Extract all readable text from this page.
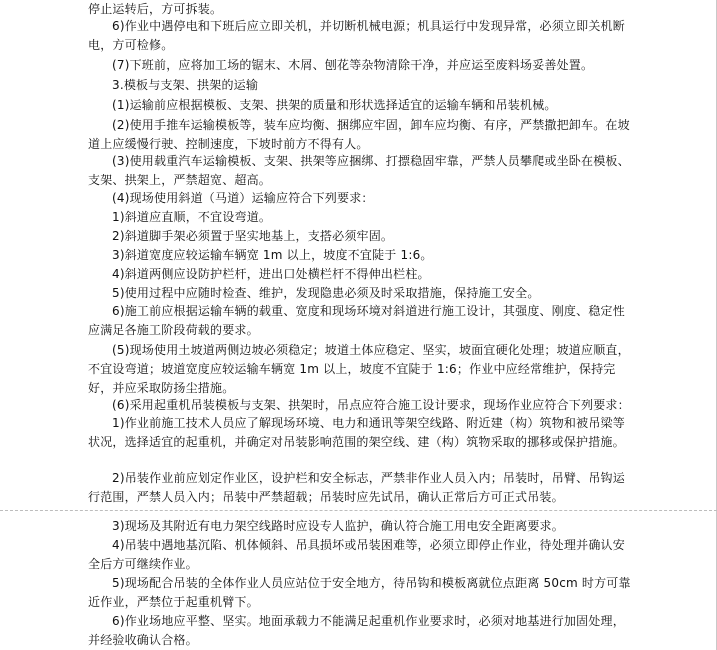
停止运转后，方可拆装。

6)作业中遇停电和下班后应立即关机，并切断机械电源；机具运行中发现异常，必须立即关机断电，方可检修。

(7)下班前，应将加工场的锯末、木屑、刨花等杂物清除干净，并应运至废料场妥善处置。

3.模板与支架、拱架的运输

(1)运输前应根据模板、支架、拱架的质量和形状选择适宜的运输车辆和吊装机械。

(2)使用手推车运输模板等，装车应均衡、捆绑应牢固，卸车应均衡、有序，严禁撒把卸车。在坡道上应缓慢行驶、控制速度，下坡时前方不得有人。

(3)使用载重汽车运输模板、支架、拱架等应捆绑、打摽稳固牢靠，严禁人员攀爬或坐卧在模板、支架、拱架上，严禁超宽、超高。

(4)现场使用斜道（马道）运输应符合下列要求：

1)斜道应直顺，不宜设弯道。

2)斜道脚手架必须置于坚实地基上，支搭必须牢固。

3)斜道宽度应较运输车辆宽 1m 以上，坡度不宜陡于 1:6。

4)斜道两侧应设防护栏杆，进出口处横栏杆不得伸出栏柱。

5)使用过程中应随时检查、维护，发现隐患必须及时采取措施，保持施工安全。

6)施工前应根据运输车辆的载重、宽度和现场环境对斜道进行施工设计，其强度、刚度、稳定性应满足各施工阶段荷载的要求。

(5)现场使用土坡道两侧边坡必须稳定；坡道土体应稳定、坚实，坡面宜硬化处理；坡道应顺直，不宜设弯道；坡道宽度应较运输车辆宽 1m 以上，坡度不宜陡于 1:6；作业中应经常维护，保持完好，并应采取防扬尘措施。

(6)采用起重机吊装模板与支架、拱架时，吊点应符合施工设计要求，现场作业应符合下列要求：

1)作业前施工技术人员应了解现场环境、电力和通讯等架空线路、附近建（构）筑物和被吊梁等状况，选择适宜的起重机，并确定对吊装影响范围的架空线、建（构）筑物采取的挪移或保护措施。

2)吊装作业前应划定作业区，设护栏和安全标志，严禁非作业人员入内；吊装时，吊臂、吊钩运行范围，严禁人员入内；吊装中严禁超载；吊装时应先试吊，确认正常后方可正式吊装。

3)现场及其附近有电力架空线路时应设专人监护，确认符合施工用电安全距离要求。

4)吊装中遇地基沉陷、机体倾斜、吊具损坏或吊装困难等，必须立即停止作业，待处理并确认安全后方可继续作业。

5)现场配合吊装的全体作业人员应站位于安全地方，待吊钩和模板离就位点距离 50cm 时方可靠近作业，严禁位于起重机臂下。

6)作业场地应平整、坚实。地面承载力不能满足起重机作业要求时，必须对地基进行加固处理，并经验收确认合格。
